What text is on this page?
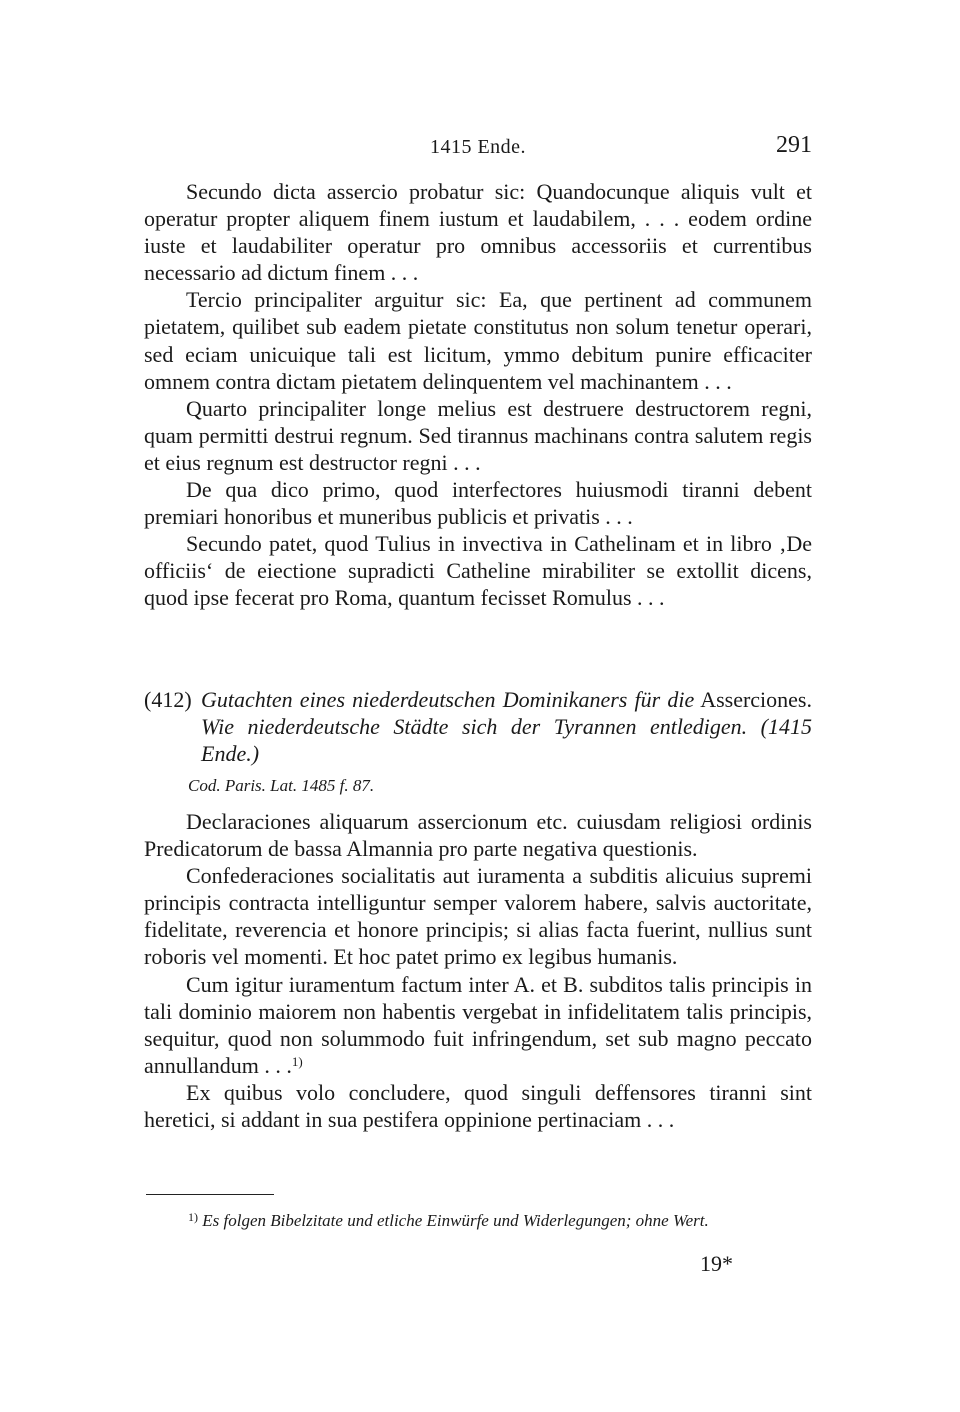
1415 Ende.	291

Secundo dicta assercio probatur sic: Quandocunque aliquis vult et operatur propter aliquem finem iustum et laudabilem, . . . eodem ordine iuste et laudabiliter operatur pro omnibus accessoriis et currentibus necessario ad dictum finem . . .

Tercio principaliter arguitur sic: Ea, que pertinent ad communem pietatem, quilibet sub eadem pietate constitutus non solum tenetur operari, sed eciam unicuique tali est licitum, ymmo debitum punire efficaciter omnem contra dictam pietatem delinquentem vel machinantem . . .

Quarto principaliter longe melius est destruere destructorem regni, quam permitti destrui regnum. Sed tirannus machinans contra salutem regis et eius regnum est destructor regni . . .

De qua dico primo, quod interfectores huiusmodi tiranni debent premiari honoribus et muneribus publicis et privatis . . .

Secundo patet, quod Tulius in invectiva in Cathelinam et in libro ‚De officiis‘ de eiectione supradicti Catheline mirabiliter se extollit dicens, quod ipse fecerat pro Roma, quantum fecisset Romulus . . .

(412) Gutachten eines niederdeutschen Dominikaners für die Asserciones. Wie niederdeutsche Städte sich der Tyrannen entledigen. (1415 Ende.)
Cod. Paris. Lat. 1485 f. 87.

Declaraciones aliquarum assercionum etc. cuiusdam religiosi ordinis Predicatorum de bassa Almannia pro parte negativa questionis.

Confederaciones socialitatis aut iuramenta a subditis alicuius supremi principis contracta intelliguntur semper valorem habere, salvis auctoritate, fidelitate, reverencia et honore principis; si alias facta fuerint, nullius sunt roboris vel momenti. Et hoc patet primo ex legibus humanis.

Cum igitur iuramentum factum inter A. et B. subditos talis principis in tali dominio maiorem non habentis vergebat in infidelitatem talis principis, sequitur, quod non solummodo fuit infringendum, set sub magno peccato annullandum . . .$^{1)}$

Ex quibus volo concludere, quod singuli deffensores tiranni sint heretici, si addant in sua pestifera oppinione pertinaciam . . .

$^{1)}$ Es folgen Bibelzitate und etliche Einwürfe und Widerlegungen; ohne Wert.
19*
